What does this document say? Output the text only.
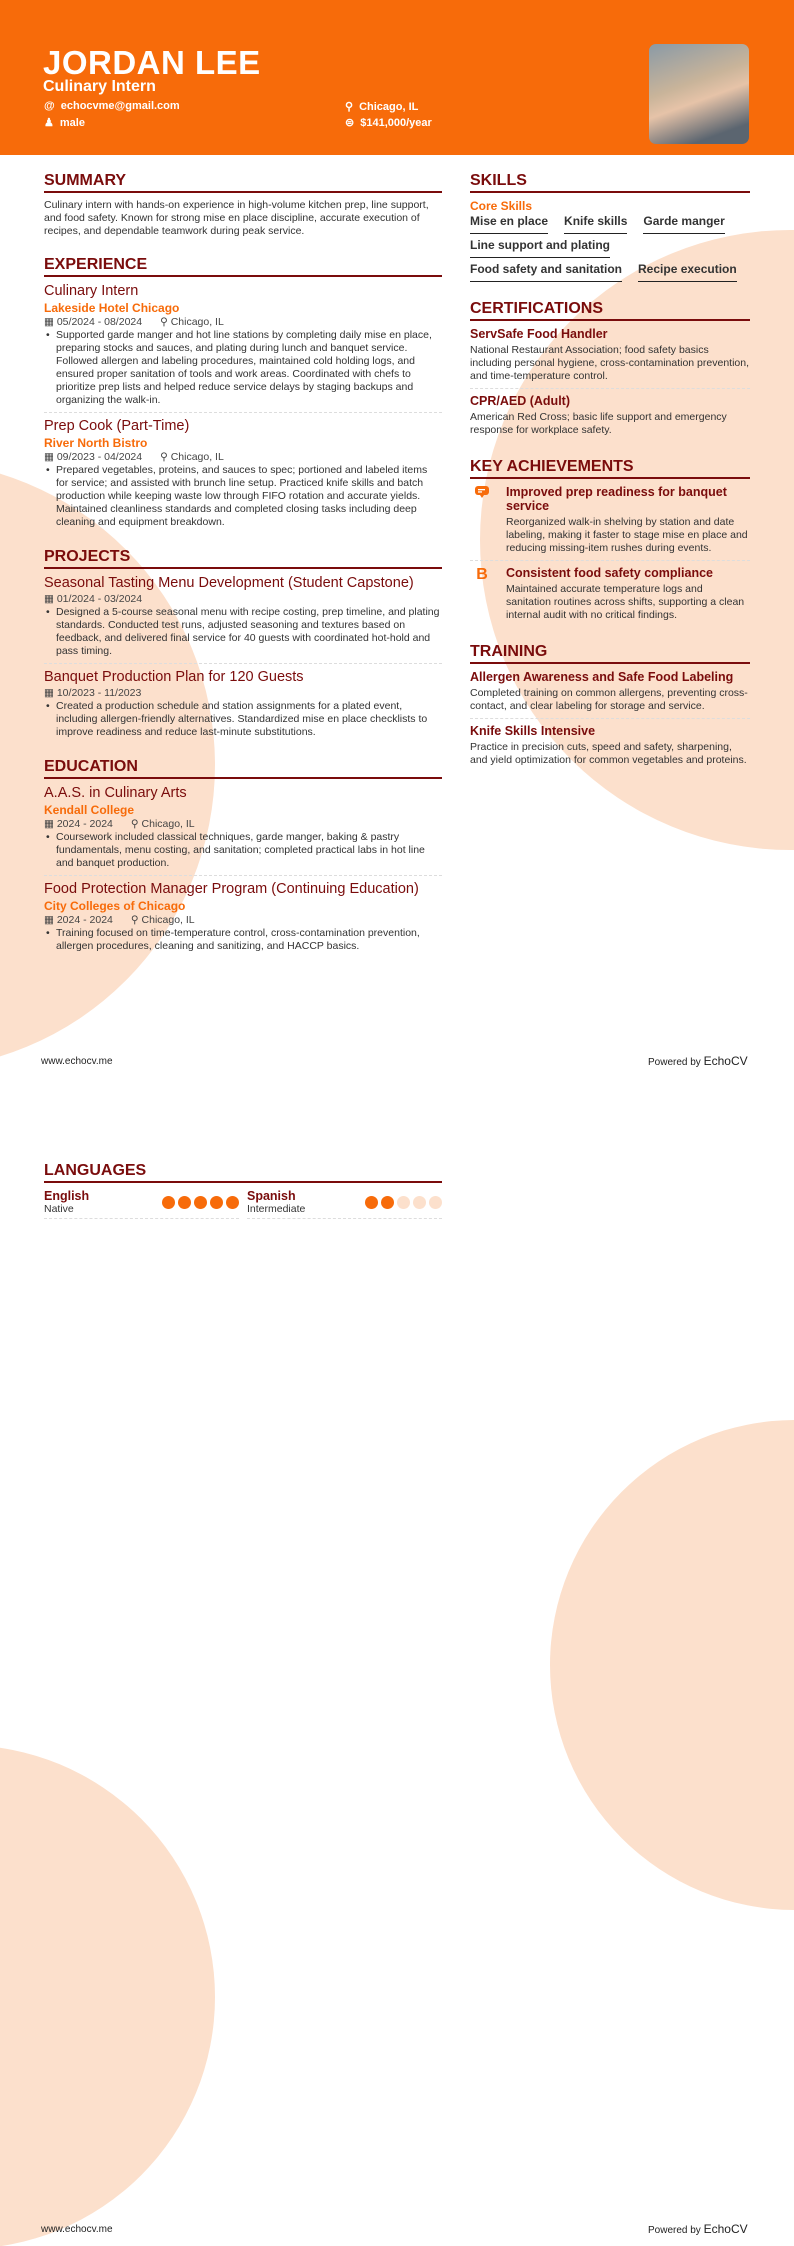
JORDAN LEE
Culinary Intern
@ echocvme@gmail.com
♟ male
⚲ Chicago, IL
⊜ $141,000/year
SUMMARY
Culinary intern with hands-on experience in high-volume kitchen prep, line support, and food safety. Known for strong mise en place discipline, accurate execution of recipes, and dependable teamwork during peak service.
EXPERIENCE
Culinary Intern
Lakeside Hotel Chicago
▦ 05/2024 - 08/2024 ⚲ Chicago, IL
• Supported garde manger and hot line stations by completing daily mise en place, preparing stocks and sauces, and plating during lunch and banquet service. Followed allergen and labeling procedures, maintained cold holding logs, and ensured proper sanitation of tools and work areas. Coordinated with chefs to prioritize prep lists and helped reduce service delays by staging backups and organizing the walk-in.
Prep Cook (Part-Time)
River North Bistro
▦ 09/2023 - 04/2024 ⚲ Chicago, IL
• Prepared vegetables, proteins, and sauces to spec; portioned and labeled items for service; and assisted with brunch line setup. Practiced knife skills and batch production while keeping waste low through FIFO rotation and accurate yields. Maintained cleanliness standards and completed closing tasks including deep cleaning and equipment breakdown.
PROJECTS
Seasonal Tasting Menu Development (Student Capstone)
▦ 01/2024 - 03/2024
• Designed a 5-course seasonal menu with recipe costing, prep timeline, and plating standards. Conducted test runs, adjusted seasoning and textures based on feedback, and delivered final service for 40 guests with coordinated hot-hold and pass timing.
Banquet Production Plan for 120 Guests
▦ 10/2023 - 11/2023
• Created a production schedule and station assignments for a plated event, including allergen-friendly alternatives. Standardized mise en place checklists to improve readiness and reduce last-minute substitutions.
EDUCATION
A.A.S. in Culinary Arts
Kendall College
▦ 2024 - 2024 ⚲ Chicago, IL
• Coursework included classical techniques, garde manger, baking & pastry fundamentals, menu costing, and sanitation; completed practical labs in hot line and banquet production.
Food Protection Manager Program (Continuing Education)
City Colleges of Chicago
▦ 2024 - 2024 ⚲ Chicago, IL
• Training focused on time-temperature control, cross-contamination prevention, allergen procedures, cleaning and sanitizing, and HACCP basics.
SKILLS
Core Skills
Mise en place Knife skills Garde manger
Line support and plating
Food safety and sanitation Recipe execution
CERTIFICATIONS
ServSafe Food Handler
National Restaurant Association; food safety basics including personal hygiene, cross-contamination prevention, and time-temperature control.
CPR/AED (Adult)
American Red Cross; basic life support and emergency response for workplace safety.
KEY ACHIEVEMENTS
Improved prep readiness for banquet service
Reorganized walk-in shelving by station and date labeling, making it faster to stage mise en place and reducing missing-item rushes during events.
B	Consistent food safety compliance
Maintained accurate temperature logs and sanitation routines across shifts, supporting a clean internal audit with no critical findings.
TRAINING
Allergen Awareness and Safe Food Labeling
Completed training on common allergens, preventing cross-contact, and clear labeling for storage and service.
Knife Skills Intensive
Practice in precision cuts, speed and safety, sharpening, and yield optimization for common vegetables and proteins.
www.echocv.me	Powered by EchoCV
LANGUAGES
English
Native
Spanish
Intermediate
www.echocv.me	Powered by EchoCV
